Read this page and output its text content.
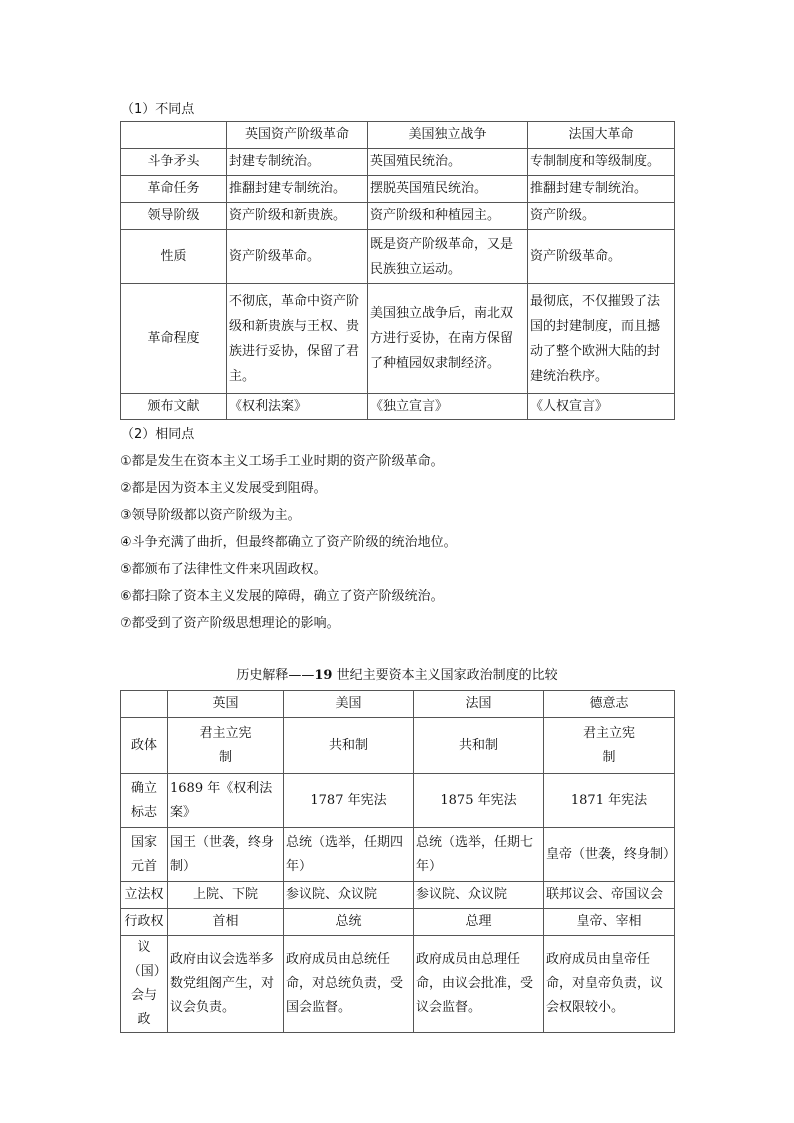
（1）不同点
	英国资产阶级革命	美国独立战争	法国大革命
斗争矛头	封建专制统治。	英国殖民统治。	专制制度和等级制度。
革命任务	推翻封建专制统治。	摆脱英国殖民统治。	推翻封建专制统治。
领导阶级	资产阶级和新贵族。	资产阶级和种植园主。	资产阶级。
性质	资产阶级革命。	既是资产阶级革命，又是民族独立运动。	资产阶级革命。
革命程度	不彻底，革命中资产阶级和新贵族与王权、贵族进行妥协，保留了君主。	美国独立战争后，南北双方进行妥协，在南方保留了种植园奴隶制经济。	最彻底，不仅摧毁了法国的封建制度，而且撼动了整个欧洲大陆的封建统治秩序。
颁布文献	《权利法案》	《独立宣言》	《人权宣言》
（2）相同点
①都是发生在资本主义工场手工业时期的资产阶级革命。
②都是因为资本主义发展受到阻碍。
③领导阶级都以资产阶级为主。
④斗争充满了曲折，但最终都确立了资产阶级的统治地位。
⑤都颁布了法律性文件来巩固政权。
⑥都扫除了资本主义发展的障碍，确立了资产阶级统治。
⑦都受到了资产阶级思想理论的影响。
历史解释——19 世纪主要资本主义国家政治制度的比较
	英国	美国	法国	德意志
政体	君主立宪制	共和制	共和制	君主立宪制
确立标志	1689 年《权利法案》	1787 年宪法	1875 年宪法	1871 年宪法
国家元首	国王（世袭，终身制）	总统（选举，任期四年）	总统（选举，任期七年）	皇帝（世袭，终身制）
立法权	上院、下院	参议院、众议院	参议院、众议院	联邦议会、帝国议会
行政权	首相	总统	总理	皇帝、宰相
议（国）会与政	政府由议会选举多数党组阁产生，对议会负责。	政府成员由总统任命，对总统负责，受国会监督。	政府成员由总理任命，由议会批准，受议会监督。	政府成员由皇帝任命，对皇帝负责，议会权限较小。
